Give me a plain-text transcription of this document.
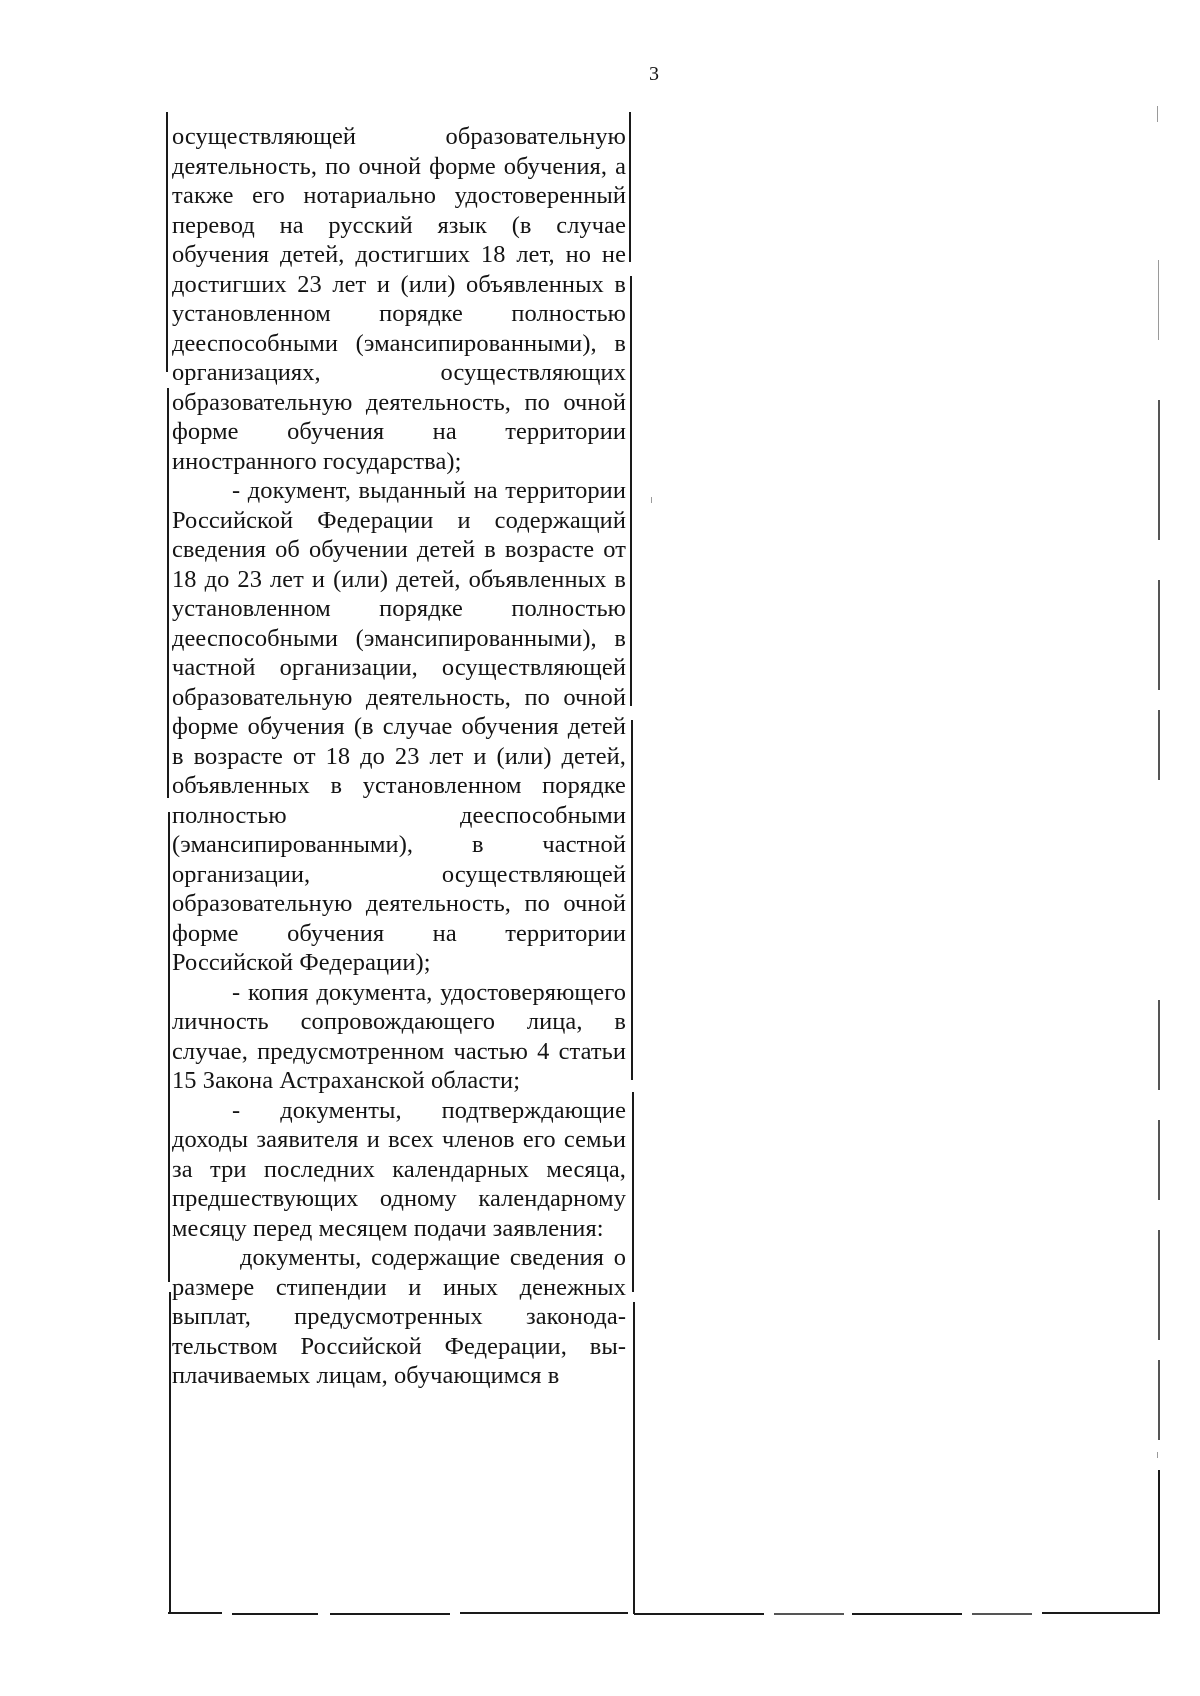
3

осуществляющей образовательную деятельность, по очной форме обучения, а также его нотариально удостоверенный перевод на русский язык (в случае обучения детей, достигших 18 лет, но не достигших 23 лет и (или) объявленных в установленном порядке полностью дееспособными (эмансипированными), в организациях, осуществляющих образовательную деятельность, по очной форме обучения на территории иностранного государства);

- документ, выданный на территории Российской Федерации и содержащий сведения об обучении детей в возрасте от 18 до 23 лет и (или) детей, объявленных в установленном порядке полностью дееспособными (эмансипированными), в частной организации, осуществляющей образовательную деятельность, по очной форме обучения (в случае обучения детей в возрасте от 18 до 23 лет и (или) детей, объявленных в установленном порядке полностью дееспособными (эмансипированными), в частной организации, осуществляющей образовательную деятельность, по очной форме обучения на территории Российской Федерации);

- копия документа, удостоверяющего личность сопровождающего лица, в случае, предусмотренном частью 4 статьи 15 Закона Астраханской области;

- документы, подтверждающие доходы заявителя и всех членов его семьи за три последних календарных месяца, предшествующих одному календарному месяцу перед месяцем подачи заявления:

документы, содержащие сведения о размере стипендии и иных денежных выплат, предусмотренных законодательством Российской Федерации, выплачиваемых лицам, обучающимся в
